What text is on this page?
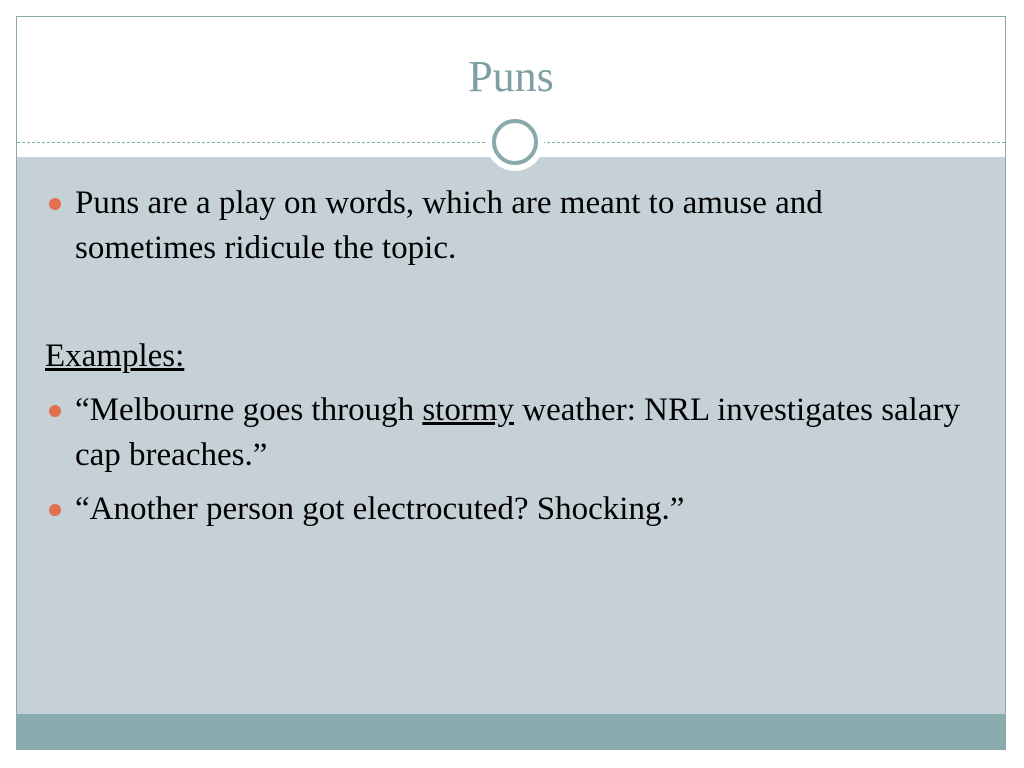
Puns

Puns are a play on words, which are meant to amuse and sometimes ridicule the topic.

Examples:

“Melbourne goes through stormy weather: NRL investigates salary cap breaches.”

“Another person got electrocuted? Shocking.”
